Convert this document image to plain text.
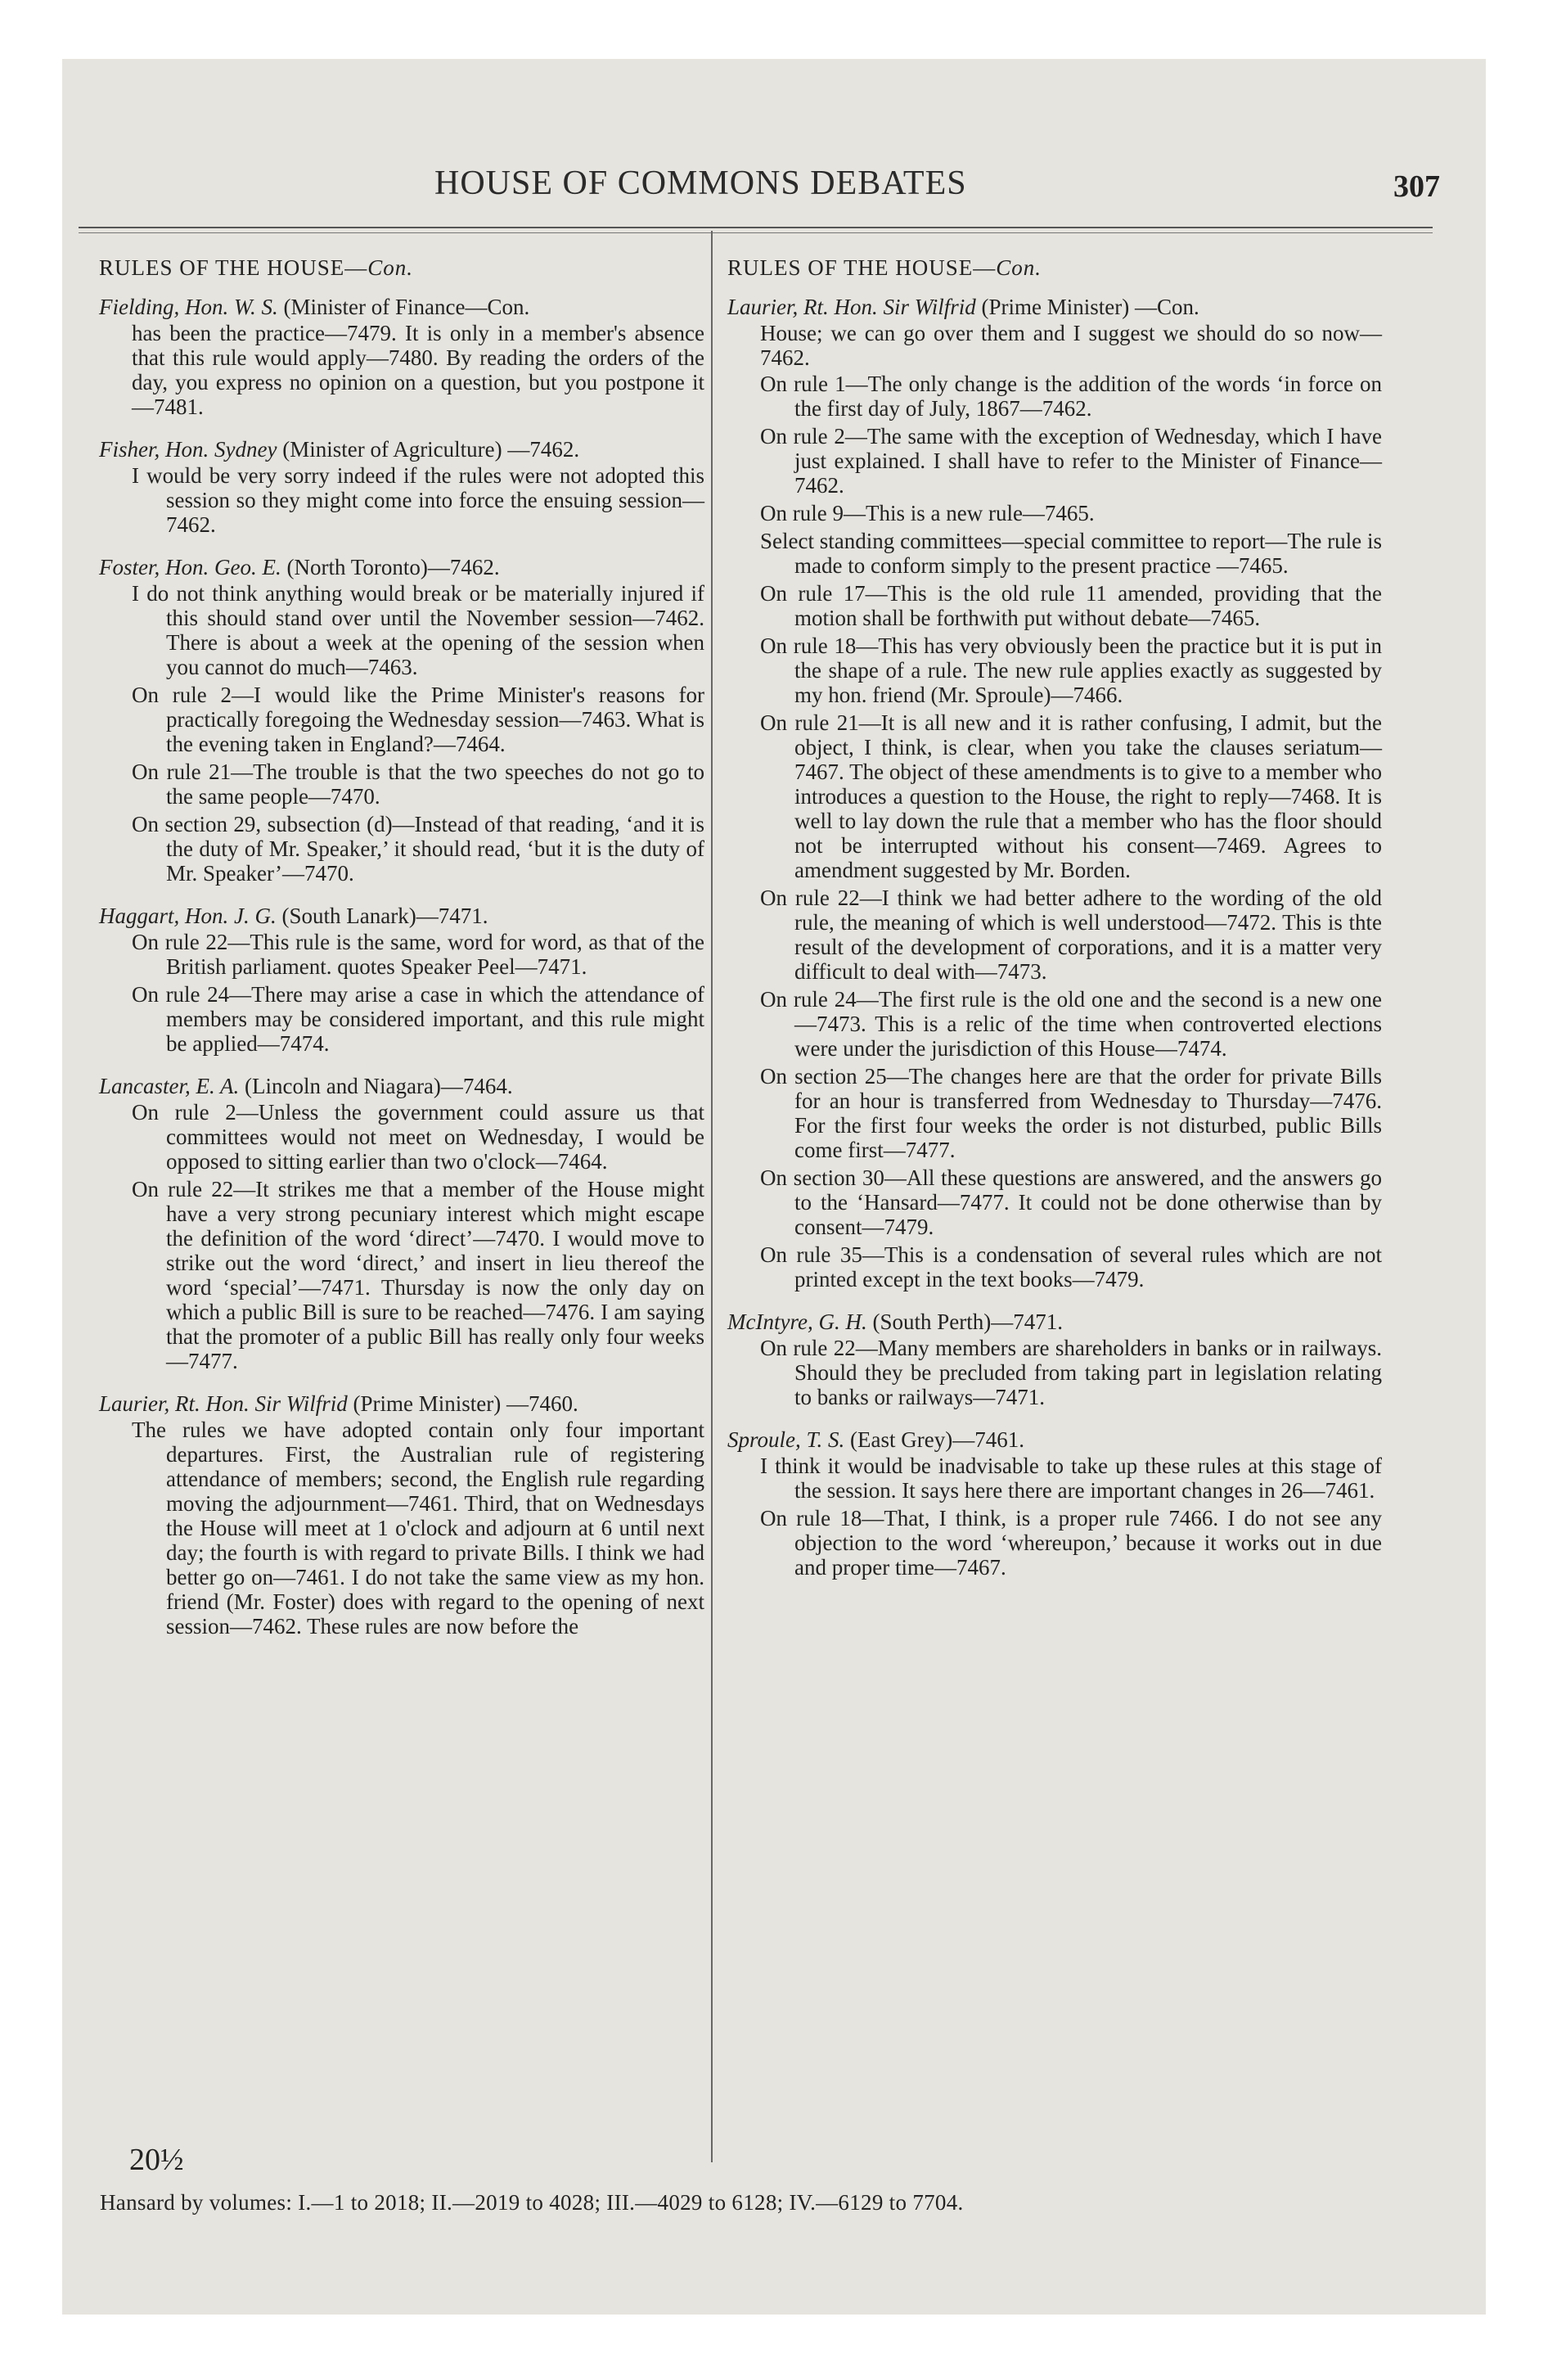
HOUSE OF COMMONS DEBATES	307
RULES OF THE HOUSE—Con.
Fielding, Hon. W. S. (Minister of Finance—Con.
has been the practice—7479. It is only in a member's absence that this rule would apply—7480. By reading the orders of the day, you express no opinion on a question, but you postpone it—7481.
Fisher, Hon. Sydney (Minister of Agriculture) —7462.
I would be very sorry indeed if the rules were not adopted this session so they might come into force the ensuing session—7462.
Foster, Hon. Geo. E. (North Toronto)—7462.
I do not think anything would break or be materially injured if this should stand over until the November session—7462. There is about a week at the opening of the session when you cannot do much—7463.
On rule 2—I would like the Prime Minister's reasons for practically foregoing the Wednesday session—7463. What is the evening taken in England?—7464.
On rule 21—The trouble is that the two speeches do not go to the same people—7470.
On section 29, subsection (d)—Instead of that reading, ‘and it is the duty of Mr. Speaker,’ it should read, ‘but it is the duty of Mr. Speaker’—7470.
Haggart, Hon. J. G. (South Lanark)—7471.
On rule 22—This rule is the same, word for word, as that of the British parliament. quotes Speaker Peel—7471.
On rule 24—There may arise a case in which the attendance of members may be considered important, and this rule might be applied—7474.
Lancaster, E. A. (Lincoln and Niagara)—7464.
On rule 2—Unless the government could assure us that committees would not meet on Wednesday, I would be opposed to sitting earlier than two o'clock—7464.
On rule 22—It strikes me that a member of the House might have a very strong pecuniary interest which might escape the definition of the word ‘direct’—7470. I would move to strike out the word ‘direct,’ and insert in lieu thereof the word ‘special’—7471. Thursday is now the only day on which a public Bill is sure to be reached—7476. I am saying that the promoter of a public Bill has really only four weeks—7477.
Laurier, Rt. Hon. Sir Wilfrid (Prime Minister) —7460.
The rules we have adopted contain only four important departures. First, the Australian rule of registering attendance of members; second, the English rule regarding moving the adjournment—7461. Third, that on Wednesdays the House will meet at 1 o'clock and adjourn at 6 until next day; the fourth is with regard to private Bills. I think we had better go on—7461. I do not take the same view as my hon. friend (Mr. Foster) does with regard to the opening of next session—7462. These rules are now before the
RULES OF THE HOUSE—Con.
Laurier, Rt. Hon. Sir Wilfrid (Prime Minister) —Con.
House; we can go over them and I suggest we should do so now—7462.
On rule 1—The only change is the addition of the words ‘in force on the first day of July, 1867—7462.
On rule 2—The same with the exception of Wednesday, which I have just explained. I shall have to refer to the Minister of Finance—7462.
On rule 9—This is a new rule—7465.
Select standing committees—special committee to report—The rule is made to conform simply to the present practice —7465.
On rule 17—This is the old rule 11 amended, providing that the motion shall be forthwith put without debate—7465.
On rule 18—This has very obviously been the practice but it is put in the shape of a rule. The new rule applies exactly as suggested by my hon. friend (Mr. Sproule)—7466.
On rule 21—It is all new and it is rather confusing, I admit, but the object, I think, is clear, when you take the clauses seriatum—7467. The object of these amendments is to give to a member who introduces a question to the House, the right to reply—7468. It is well to lay down the rule that a member who has the floor should not be interrupted without his consent—7469. Agrees to amendment suggested by Mr. Borden.
On rule 22—I think we had better adhere to the wording of the old rule, the meaning of which is well understood—7472. This is thte result of the development of corporations, and it is a matter very difficult to deal with—7473.
On rule 24—The first rule is the old one and the second is a new one—7473. This is a relic of the time when controverted elections were under the jurisdiction of this House—7474.
On section 25—The changes here are that the order for private Bills for an hour is transferred from Wednesday to Thursday—7476. For the first four weeks the order is not disturbed, public Bills come first—7477.
On section 30—All these questions are answered, and the answers go to the ‘Hansard—7477. It could not be done otherwise than by consent—7479.
On rule 35—This is a condensation of several rules which are not printed except in the text books—7479.
McIntyre, G. H. (South Perth)—7471.
On rule 22—Many members are shareholders in banks or in railways. Should they be precluded from taking part in legislation relating to banks or railways—7471.
Sproule, T. S. (East Grey)—7461.
I think it would be inadvisable to take up these rules at this stage of the session. It says here there are important changes in 26—7461.
On rule 18—That, I think, is a proper rule 7466. I do not see any objection to the word ‘whereupon,’ because it works out in due and proper time—7467.
20½
Hansard by volumes: I.—1 to 2018; II.—2019 to 4028; III.—4029 to 6128; IV.—6129 to 7704.
